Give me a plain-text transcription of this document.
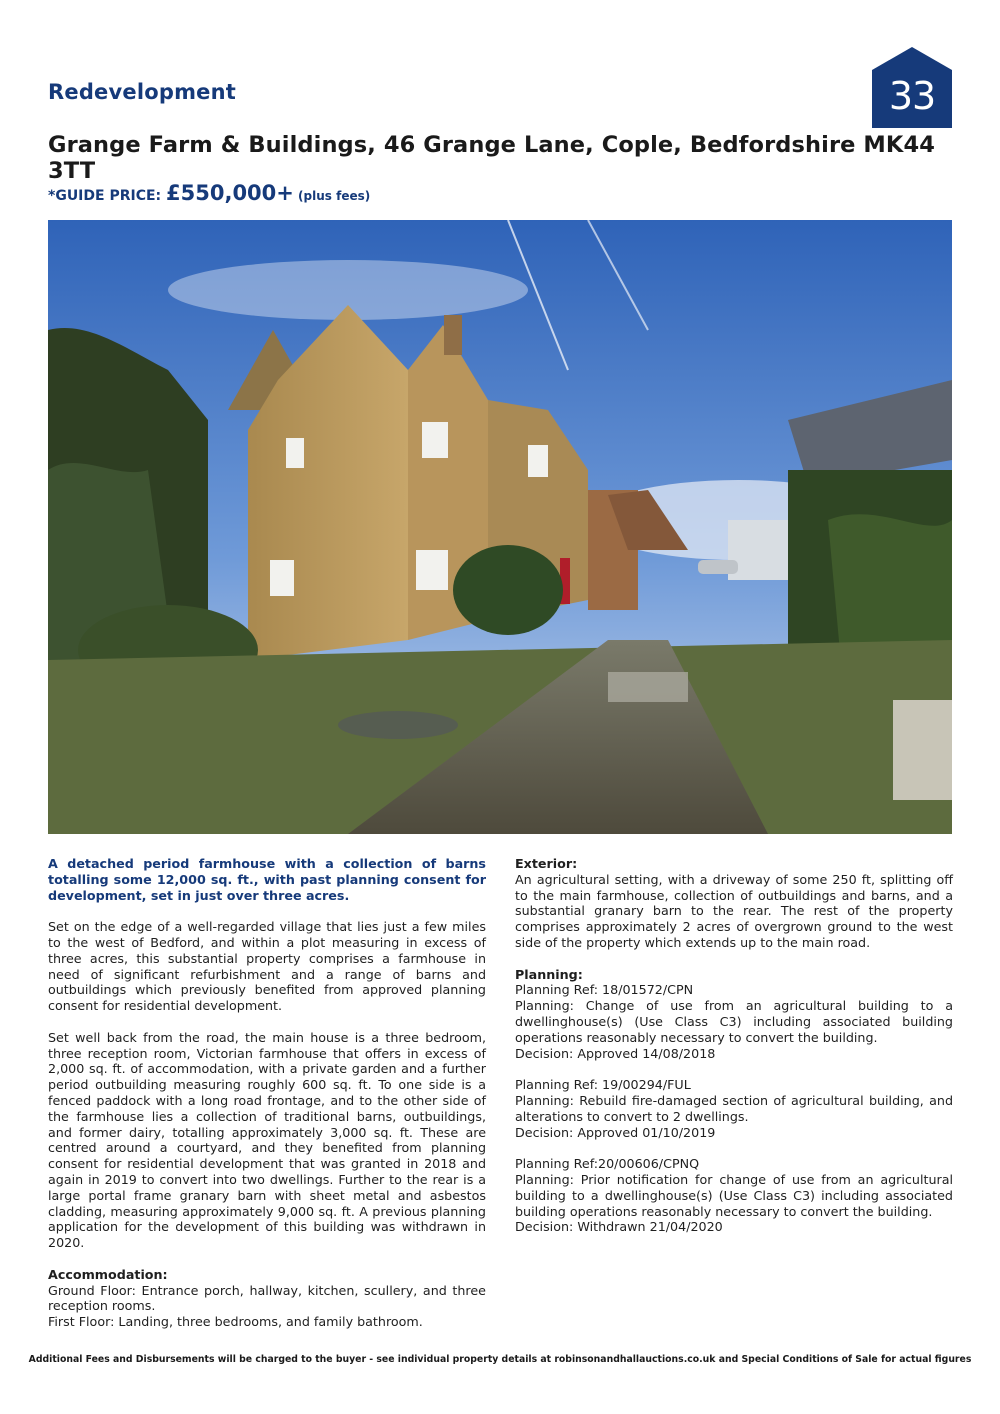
Redevelopment	33
Grange Farm & Buildings, 46 Grange Lane, Cople, Bedfordshire MK44 3TT
*GUIDE PRICE: £550,000+ (plus fees)

A detached period farmhouse with a collection of barns totalling some 12,000 sq. ft., with past planning consent for development, set in just over three acres.

Set on the edge of a well-regarded village that lies just a few miles to the west of Bedford, and within a plot measuring in excess of three acres, this substantial property comprises a farmhouse in need of significant refurbishment and a range of barns and outbuildings which previously benefited from approved planning consent for residential development.

Set well back from the road, the main house is a three bedroom, three reception room, Victorian farmhouse that offers in excess of 2,000 sq. ft. of accommodation, with a private garden and a further period outbuilding measuring roughly 600 sq. ft. To one side is a fenced paddock with a long road frontage, and to the other side of the farmhouse lies a collection of traditional barns, outbuildings, and former dairy, totalling approximately 3,000 sq. ft. These are centred around a courtyard, and they benefited from planning consent for residential development that was granted in 2018 and again in 2019 to convert into two dwellings. Further to the rear is a large portal frame granary barn with sheet metal and asbestos cladding, measuring approximately 9,000 sq. ft. A previous planning application for the development of this building was withdrawn in 2020.

Accommodation:
Ground Floor: Entrance porch, hallway, kitchen, scullery, and three reception rooms.
First Floor: Landing, three bedrooms, and family bathroom.

Exterior:
An agricultural setting, with a driveway of some 250 ft, splitting off to the main farmhouse, collection of outbuildings and barns, and a substantial granary barn to the rear. The rest of the property comprises approximately 2 acres of overgrown ground to the west side of the property which extends up to the main road.

Planning:
Planning Ref: 18/01572/CPN
Planning: Change of use from an agricultural building to a dwellinghouse(s) (Use Class C3) including associated building operations reasonably necessary to convert the building.
Decision: Approved 14/08/2018

Planning Ref: 19/00294/FUL
Planning: Rebuild fire-damaged section of agricultural building, and alterations to convert to 2 dwellings.
Decision: Approved 01/10/2019

Planning Ref:20/00606/CPNQ
Planning: Prior notification for change of use from an agricultural building to a dwellinghouse(s) (Use Class C3) including associated building operations reasonably necessary to convert the building.
Decision: Withdrawn 21/04/2020

Additional Fees and Disbursements will be charged to the buyer - see individual property details at robinsonandhallauctions.co.uk and Special Conditions of Sale for actual figures
